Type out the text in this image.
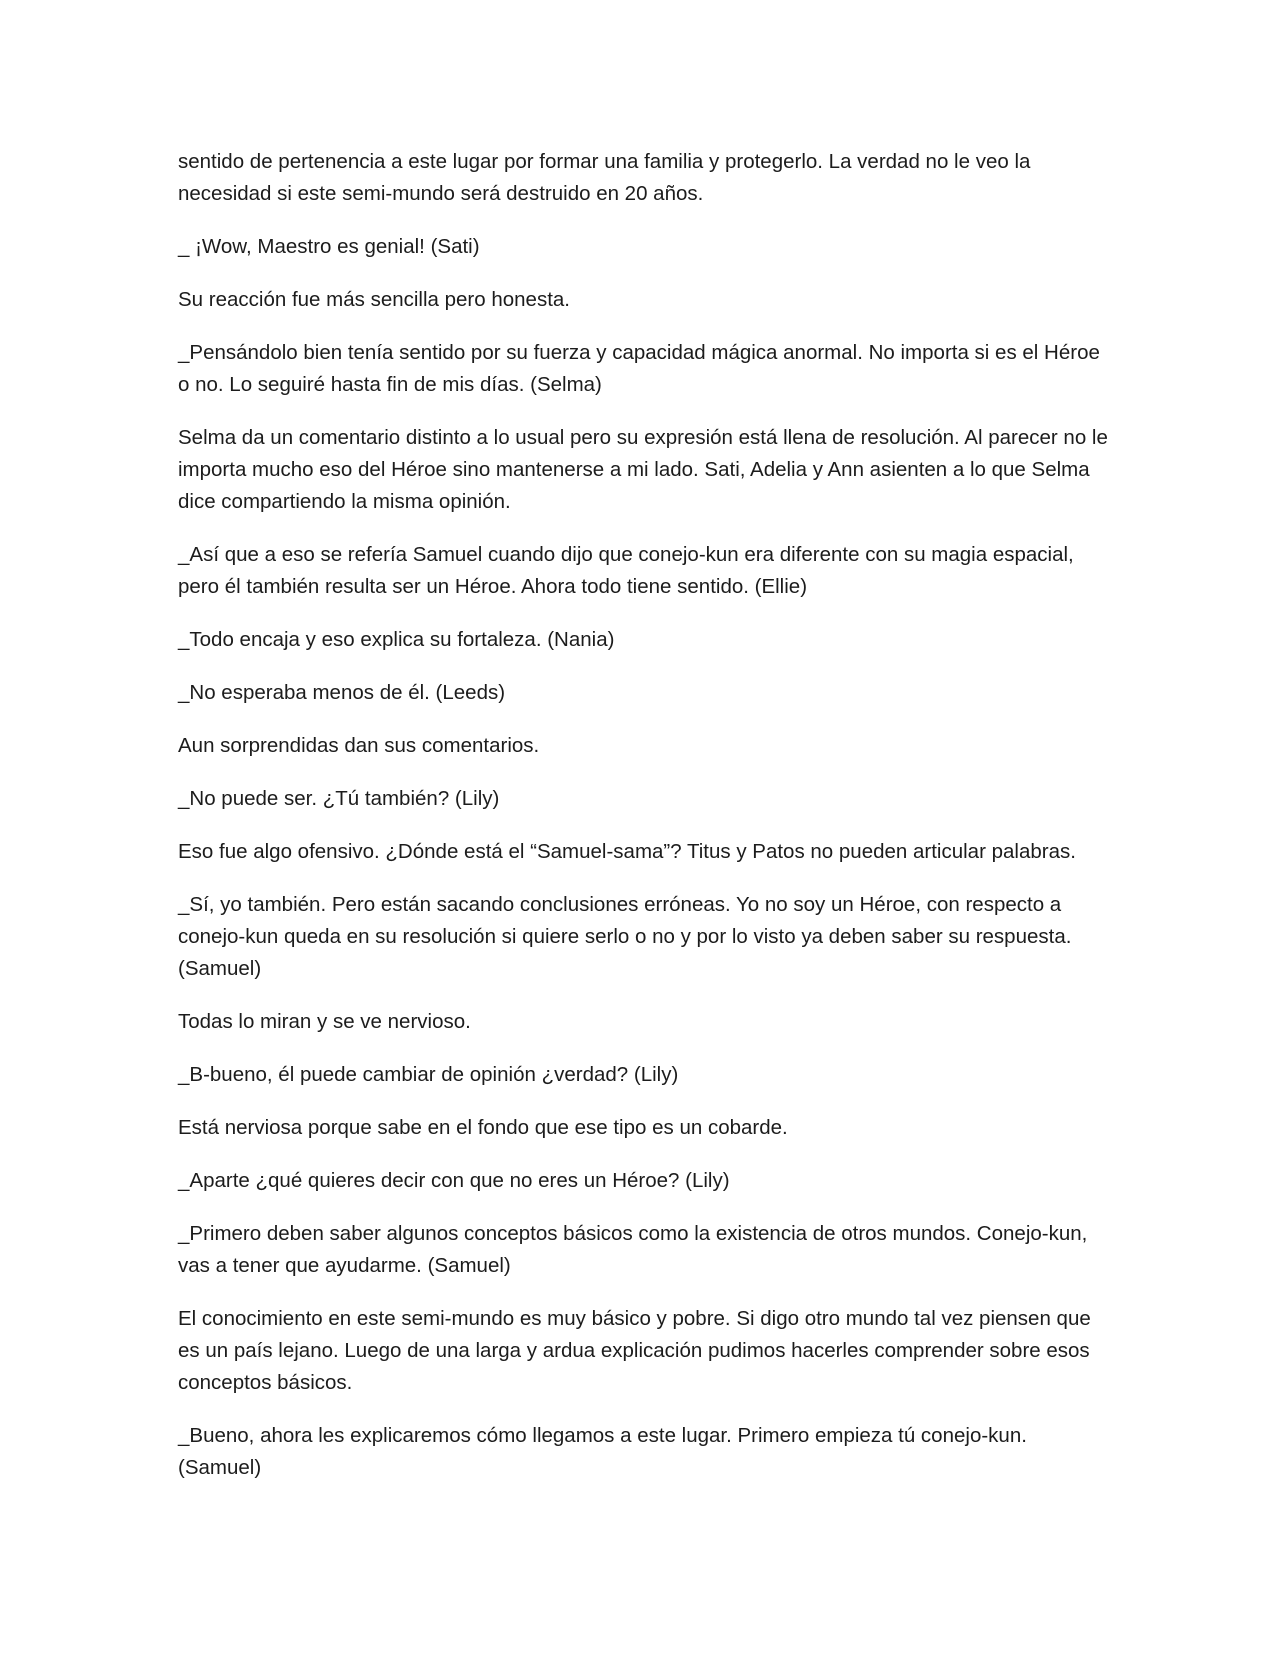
sentido de pertenencia a este lugar por formar una familia y protegerlo. La verdad no le veo la necesidad si este semi-mundo será destruido en 20 años.

_ ¡Wow, Maestro es genial! (Sati)

Su reacción fue más sencilla pero honesta.

_Pensándolo bien tenía sentido por su fuerza y capacidad mágica anormal. No importa si es el Héroe o no. Lo seguiré hasta fin de mis días. (Selma)

Selma da un comentario distinto a lo usual pero su expresión está llena de resolución. Al parecer no le importa mucho eso del Héroe sino mantenerse a mi lado. Sati, Adelia y Ann asienten a lo que Selma dice compartiendo la misma opinión.

_Así que a eso se refería Samuel cuando dijo que conejo-kun era diferente con su magia espacial, pero él también resulta ser un Héroe. Ahora todo tiene sentido. (Ellie)

_Todo encaja y eso explica su fortaleza. (Nania)

_No esperaba menos de él. (Leeds)

Aun sorprendidas dan sus comentarios.

_No puede ser. ¿Tú también? (Lily)

Eso fue algo ofensivo. ¿Dónde está el “Samuel-sama”? Titus y Patos no pueden articular palabras.

_Sí, yo también. Pero están sacando conclusiones erróneas. Yo no soy un Héroe, con respecto a conejo-kun queda en su resolución si quiere serlo o no y por lo visto ya deben saber su respuesta. (Samuel)

Todas lo miran y se ve nervioso.

_B-bueno, él puede cambiar de opinión ¿verdad? (Lily)

Está nerviosa porque sabe en el fondo que ese tipo es un cobarde.

_Aparte ¿qué quieres decir con que no eres un Héroe? (Lily)

_Primero deben saber algunos conceptos básicos como la existencia de otros mundos. Conejo-kun, vas a tener que ayudarme. (Samuel)

El conocimiento en este semi-mundo es muy básico y pobre. Si digo otro mundo tal vez piensen que es un país lejano. Luego de una larga y ardua explicación pudimos hacerles comprender sobre esos conceptos básicos.

_Bueno, ahora les explicaremos cómo llegamos a este lugar. Primero empieza tú conejo-kun. (Samuel)
